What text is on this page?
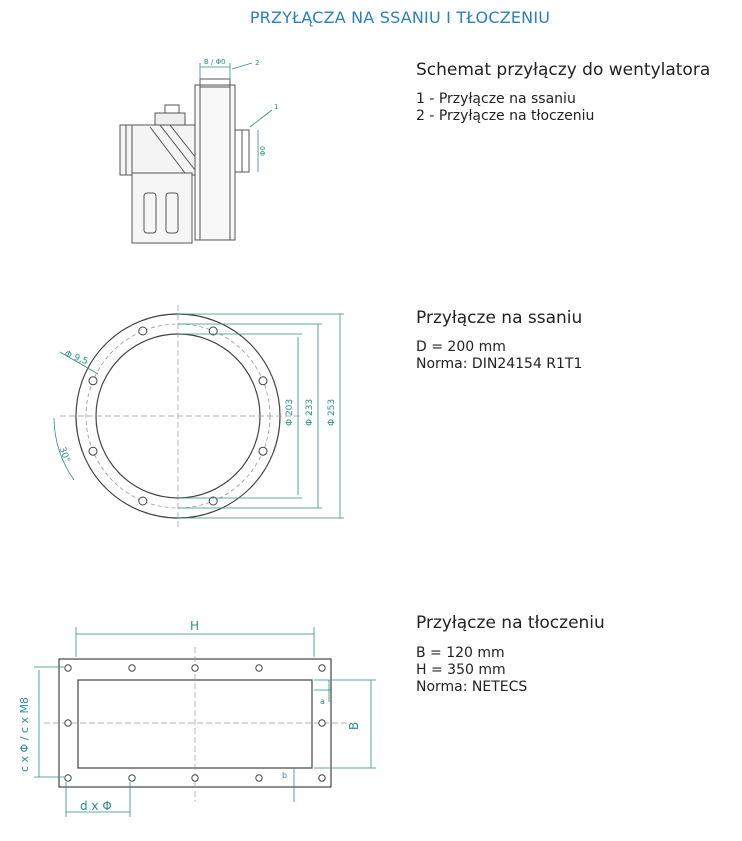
PRZYŁĄCZA NA SSANIU I TŁOCZENIU
B / Φ0	2
1
Φ0
Schemat przyłączy do wentylatora
1 - Przyłącze na ssaniu
2 - Przyłącze na tłoczeniu
Φ 9,5
30°
Φ 203 Φ 233 Φ 253
Przyłącze na ssaniu
D = 200 mm
Norma: DIN24154 R1T1
H
B
a
b
c x Φ / c x M8
d x Φ
Przyłącze na tłoczeniu
B = 120 mm
H = 350 mm
Norma: NETECS
